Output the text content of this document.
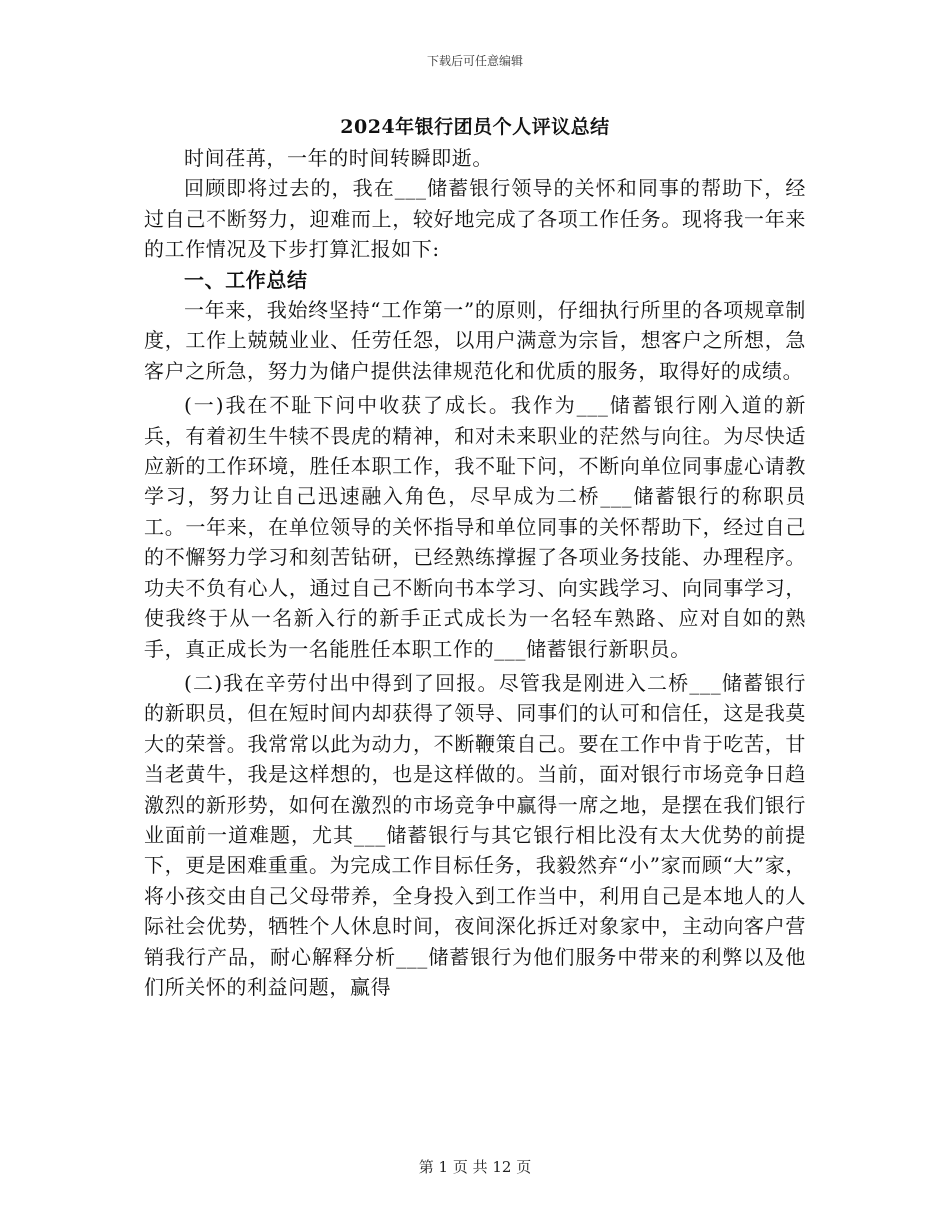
下载后可任意编辑
2024年银行团员个人评议总结

时间荏苒，一年的时间转瞬即逝。

回顾即将过去的，我在___储蓄银行领导的关怀和同事的帮助下，经过自己不断努力，迎难而上，较好地完成了各项工作任务。现将我一年来的工作情况及下步打算汇报如下:

一、工作总结

一年来，我始终坚持“工作第一”的原则，仔细执行所里的各项规章制度，工作上兢兢业业、任劳任怨，以用户满意为宗旨，想客户之所想，急客户之所急，努力为储户提供法律规范化和优质的服务，取得好的成绩。

(一)我在不耻下问中收获了成长。我作为___储蓄银行刚入道的新兵，有着初生牛犊不畏虎的精神，和对未来职业的茫然与向往。为尽快适应新的工作环境，胜任本职工作，我不耻下问，不断向单位同事虚心请教学习，努力让自己迅速融入角色，尽早成为二桥___储蓄银行的称职员工。一年来，在单位领导的关怀指导和单位同事的关怀帮助下，经过自己的不懈努力学习和刻苦钻研，已经熟练撑握了各项业务技能、办理程序。功夫不负有心人，通过自己不断向书本学习、向实践学习、向同事学习，使我终于从一名新入行的新手正式成长为一名轻车熟路、应对自如的熟手，真正成长为一名能胜任本职工作的___储蓄银行新职员。

(二)我在辛劳付出中得到了回报。尽管我是刚进入二桥___储蓄银行的新职员，但在短时间内却获得了领导、同事们的认可和信任，这是我莫大的荣誉。我常常以此为动力，不断鞭策自己。要在工作中肯于吃苦，甘当老黄牛，我是这样想的，也是这样做的。当前，面对银行市场竞争日趋激烈的新形势，如何在激烈的市场竞争中赢得一席之地，是摆在我们银行业面前一道难题，尤其___储蓄银行与其它银行相比没有太大优势的前提下，更是困难重重。为完成工作目标任务，我毅然弃“小”家而顾“大”家，将小孩交由自己父母带养，全身投入到工作当中，利用自己是本地人的人际社会优势，牺牲个人休息时间，夜间深化拆迁对象家中，主动向客户营销我行产品，耐心解释分析___储蓄银行为他们服务中带来的利弊以及他们所关怀的利益问题，赢得

第 1 页 共 12 页
